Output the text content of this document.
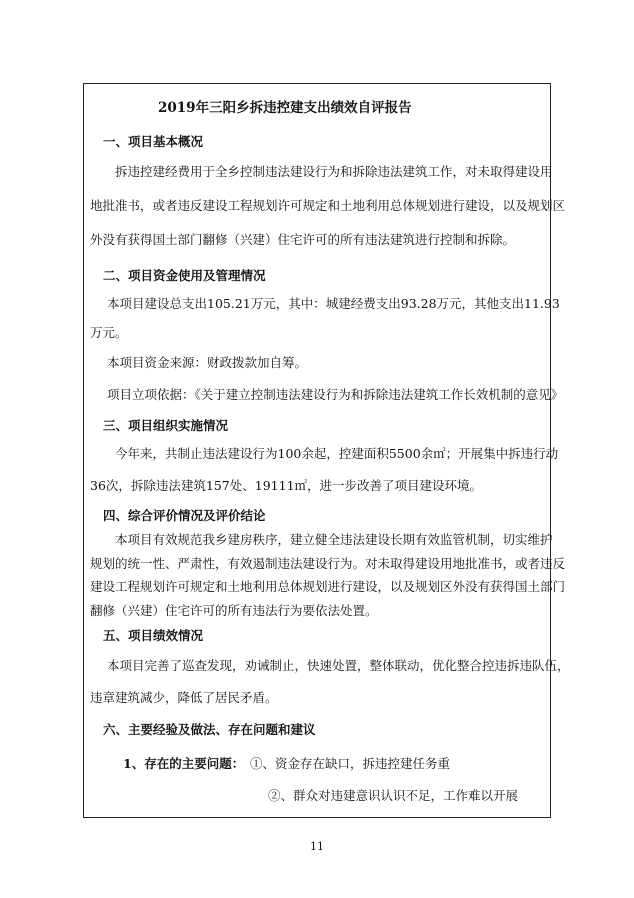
2019年三阳乡拆违控建支出绩效自评报告
一、项目基本概况
拆违控建经费用于全乡控制违法建设行为和拆除违法建筑工作，对未取得建设用
地批准书，或者违反建设工程规划许可规定和土地利用总体规划进行建设，以及规划区
外没有获得国土部门翻修（兴建）住宅许可的所有违法建筑进行控制和拆除。
二、项目资金使用及管理情况
本项目建设总支出105.21万元，其中：城建经费支出93.28万元，其他支出11.93
万元。
本项目资金来源：财政拨款加自筹。
项目立项依据：《关于建立控制违法建设行为和拆除违法建筑工作长效机制的意见》
三、项目组织实施情况
今年来，共制止违法建设行为100余起，控建面积5500余㎡；开展集中拆违行动
36次，拆除违法建筑157处、19111㎡，进一步改善了项目建设环境。
四、综合评价情况及评价结论
本项目有效规范我乡建房秩序，建立健全违法建设长期有效监管机制，切实维护
规划的统一性、严肃性，有效遏制违法建设行为。对未取得建设用地批准书，或者违反
建设工程规划许可规定和土地利用总体规划进行建设，以及规划区外没有获得国土部门
翻修（兴建）住宅许可的所有违法行为要依法处置。
五、项目绩效情况
本项目完善了巡查发现，劝诫制止，快速处置，整体联动，优化整合控违拆违队伍，
违章建筑减少，降低了居民矛盾。
六、主要经验及做法、存在问题和建议
1、存在的主要问题： ①、资金存在缺口，拆违控建任务重
②、群众对违建意识认识不足，工作难以开展
11
